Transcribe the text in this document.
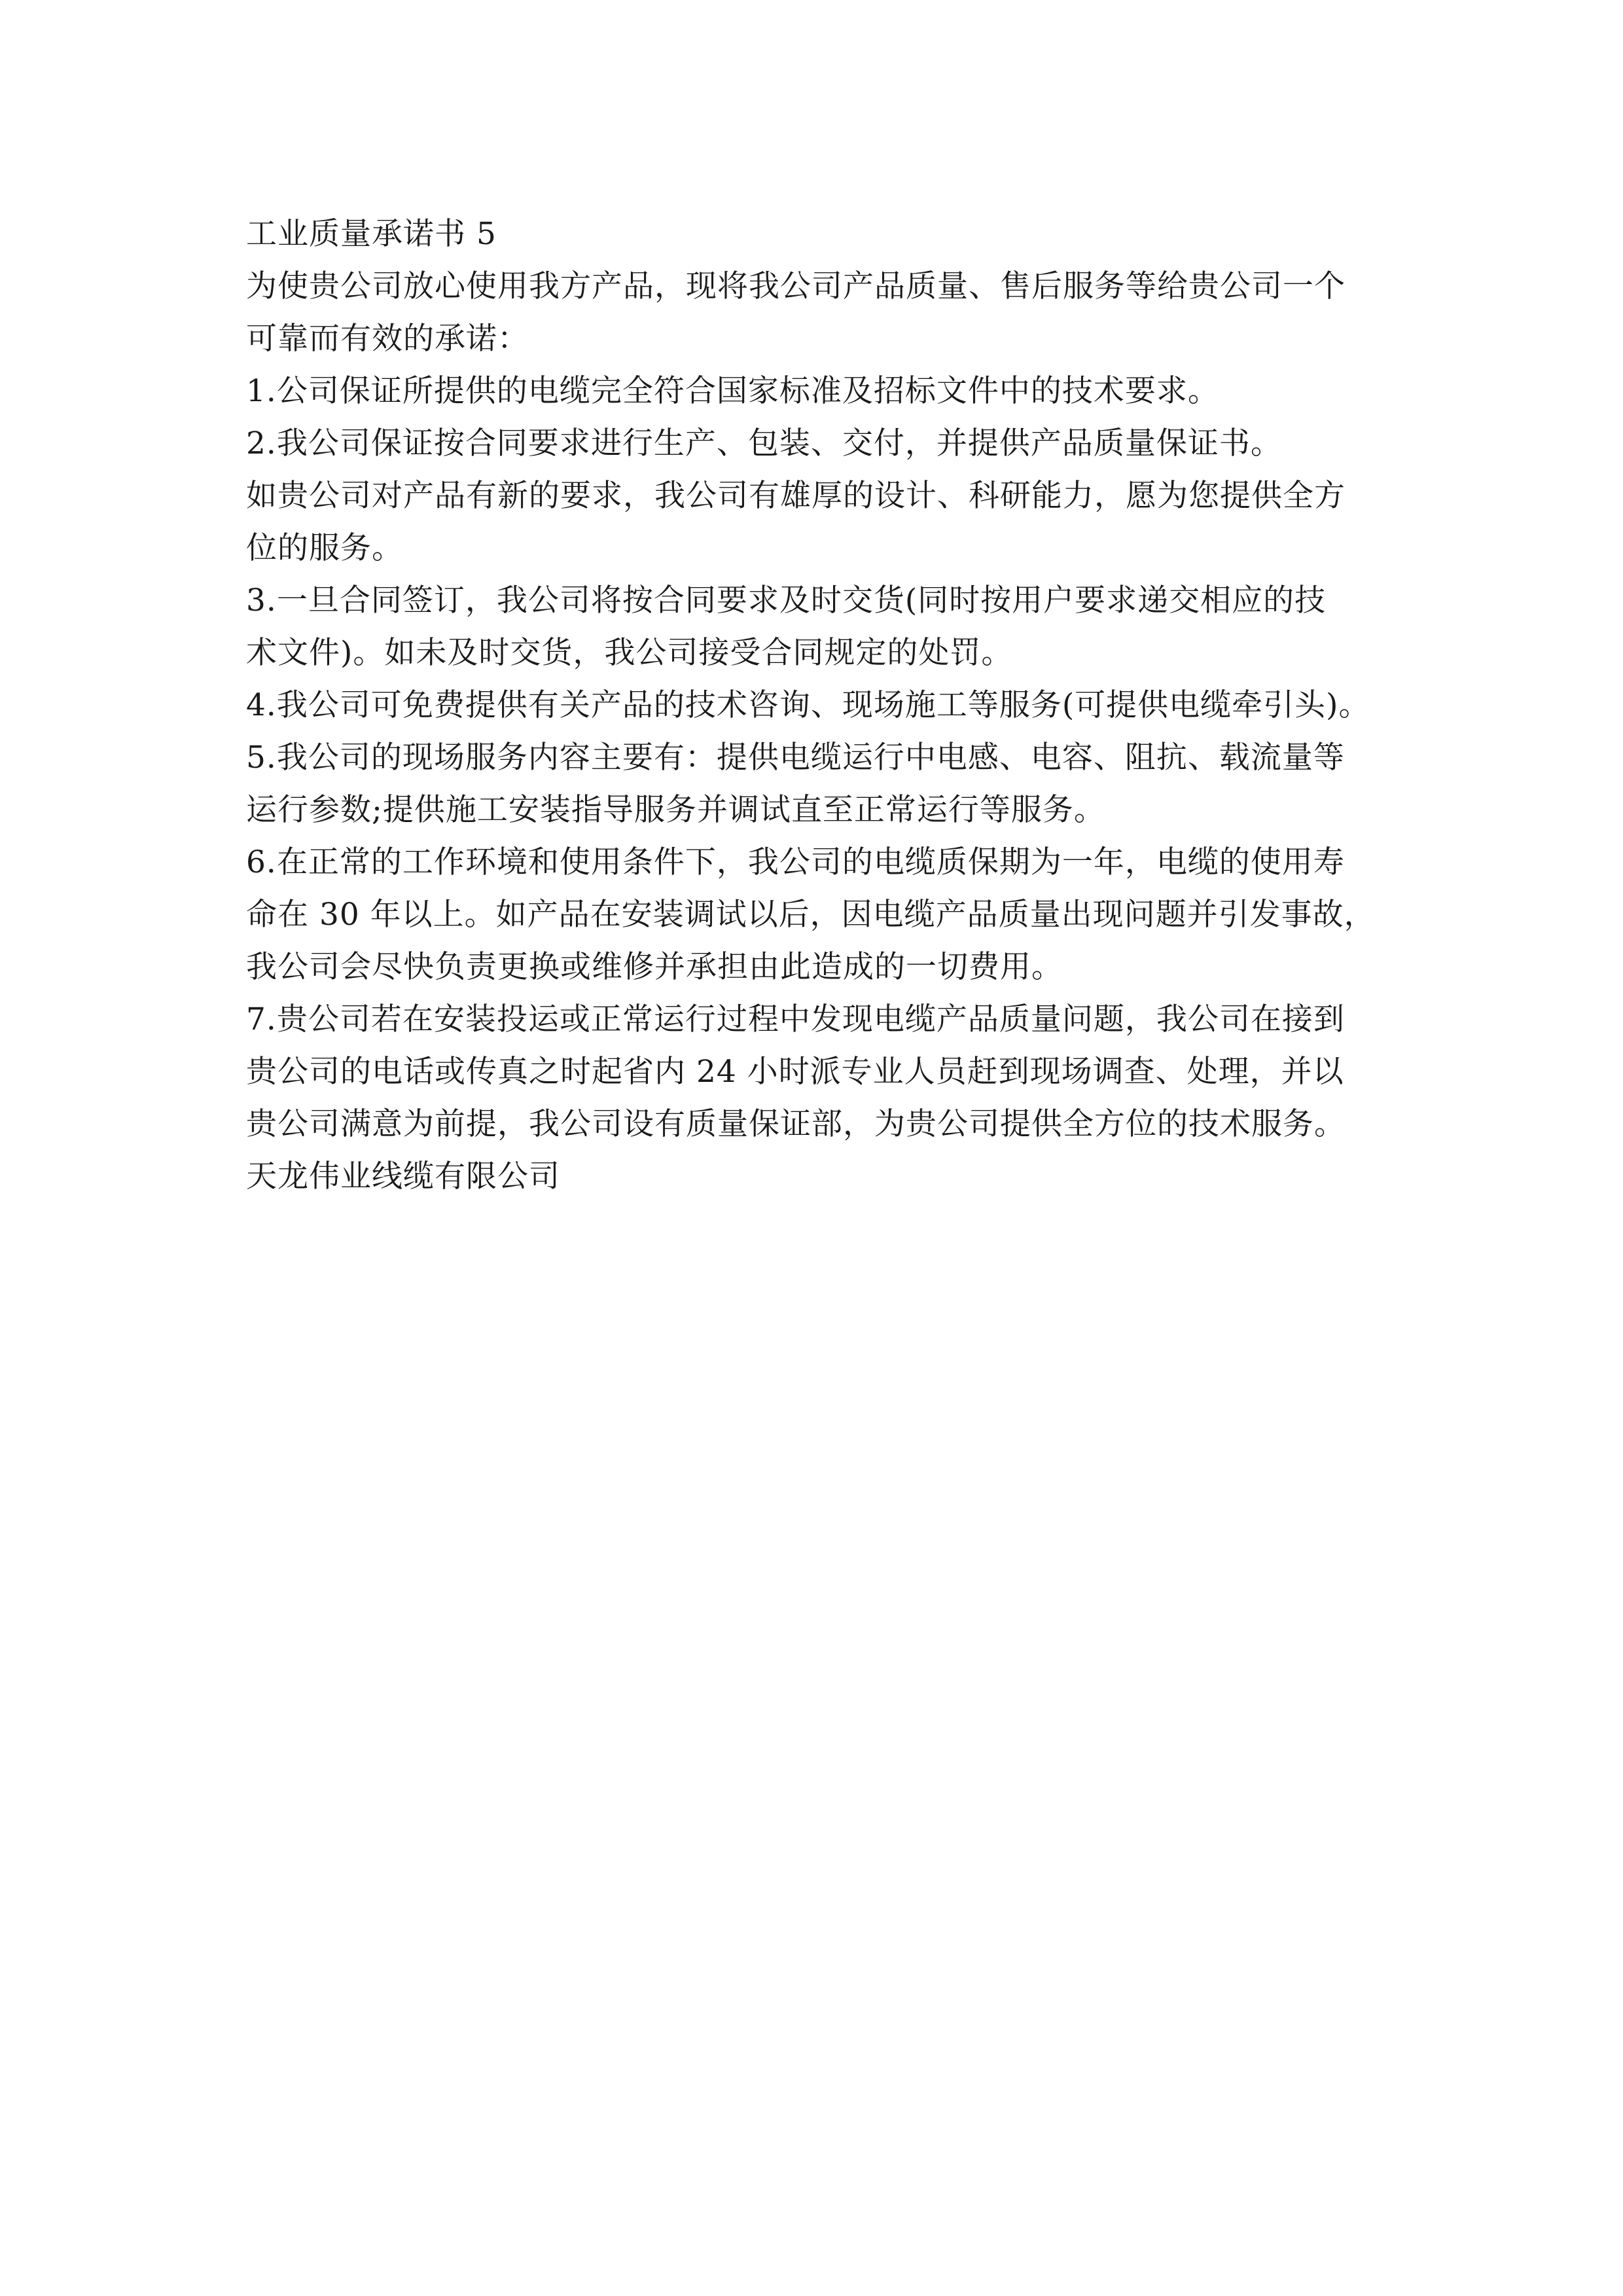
工业质量承诺书 5
为使贵公司放心使用我方产品，现将我公司产品质量、售后服务等给贵公司一个
可靠而有效的承诺：
1.公司保证所提供的电缆完全符合国家标准及招标文件中的技术要求。
2.我公司保证按合同要求进行生产、包装、交付，并提供产品质量保证书。
如贵公司对产品有新的要求，我公司有雄厚的设计、科研能力，愿为您提供全方
位的服务。
3.一旦合同签订，我公司将按合同要求及时交货(同时按用户要求递交相应的技
术文件)。如未及时交货，我公司接受合同规定的处罚。
4.我公司可免费提供有关产品的技术咨询、现场施工等服务(可提供电缆牵引头)。
5.我公司的现场服务内容主要有：提供电缆运行中电感、电容、阻抗、载流量等
运行参数;提供施工安装指导服务并调试直至正常运行等服务。
6.在正常的工作环境和使用条件下，我公司的电缆质保期为一年，电缆的使用寿
命在 30 年以上。如产品在安装调试以后，因电缆产品质量出现问题并引发事故，
我公司会尽快负责更换或维修并承担由此造成的一切费用。
7.贵公司若在安装投运或正常运行过程中发现电缆产品质量问题，我公司在接到
贵公司的电话或传真之时起省内 24 小时派专业人员赶到现场调查、处理，并以
贵公司满意为前提，我公司设有质量保证部，为贵公司提供全方位的技术服务。
天龙伟业线缆有限公司
